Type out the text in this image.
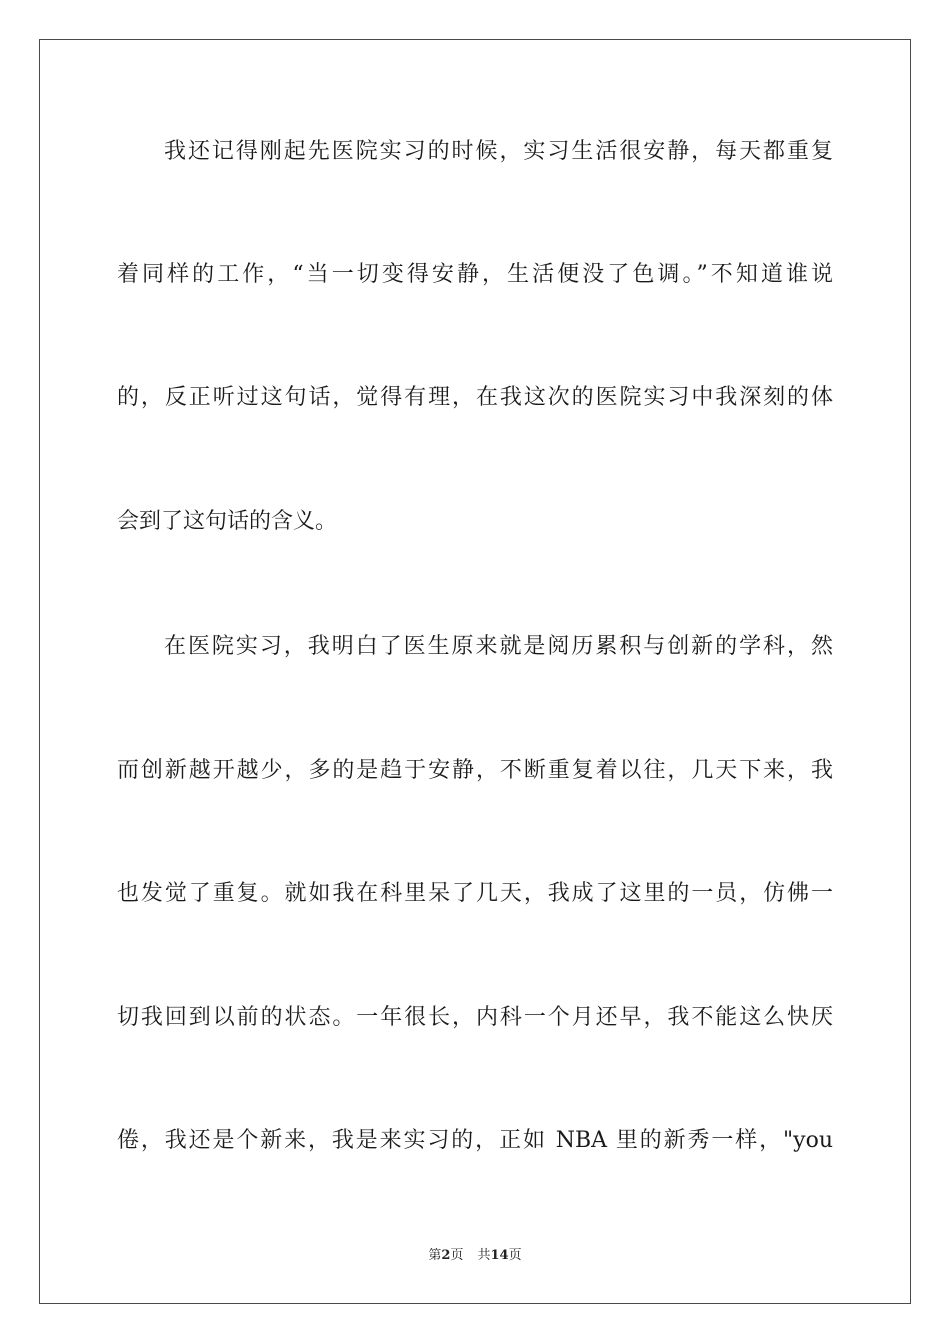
我还记得刚起先医院实习的时候，实习生活很安静，每天都重复
着同样的工作，“当一切变得安静，生活便没了色调。”不知道谁说
的，反正听过这句话，觉得有理，在我这次的医院实习中我深刻的体
会到了这句话的含义。
在医院实习，我明白了医生原来就是阅历累积与创新的学科，然
而创新越开越少，多的是趋于安静，不断重复着以往，几天下来，我
也发觉了重复。就如我在科里呆了几天，我成了这里的一员，仿佛一
切我回到以前的状态。一年很长，内科一个月还早，我不能这么快厌
倦，我还是个新来，我是来实习的，正如 NBA 里的新秀一样，"you
第2页 共14页
